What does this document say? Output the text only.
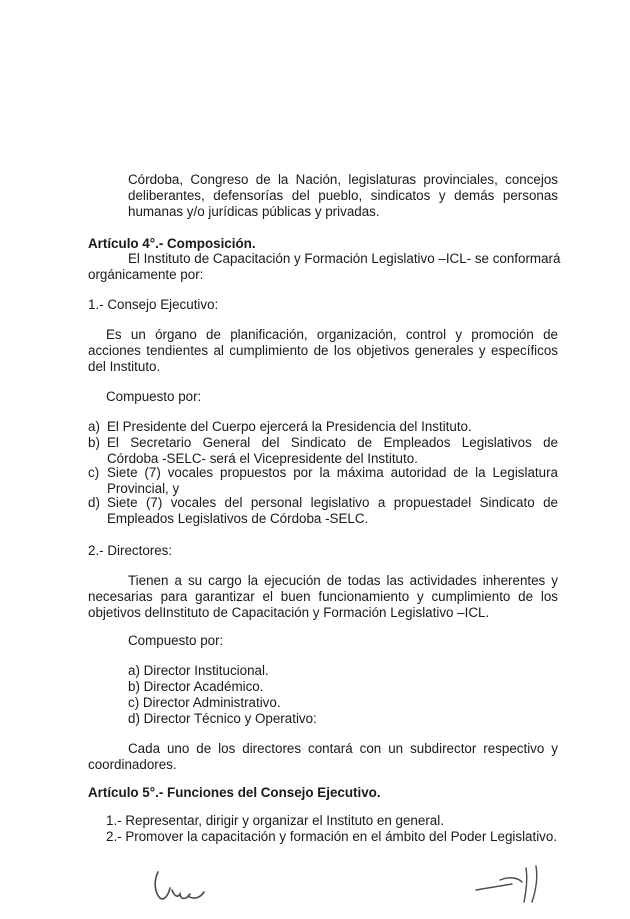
Córdoba, Congreso de la Nación, legislaturas provinciales, concejos

deliberantes, defensorías del pueblo, sindicatos y demás personas

humanas y/o jurídicas públicas y privadas.

Artículo 4°.- Composición.

El Instituto de Capacitación y Formación Legislativo –ICL- se conformará

orgánicamente por:

1.- Consejo Ejecutivo:

Es un órgano de planificación, organización, control y promoción de

acciones tendientes al cumplimiento de los objetivos generales y específicos

del Instituto.

Compuesto por:

a) El Presidente del Cuerpo ejercerá la Presidencia del Instituto.
b) El Secretario General del Sindicato de Empleados Legislativos de
Córdoba -SELC- será el Vicepresidente del Instituto.
c) Siete (7) vocales propuestos por la máxima autoridad de la Legislatura
Provincial, y
d) Siete (7) vocales del personal legislativo a propuestadel Sindicato de
Empleados Legislativos de Córdoba -SELC.

2.- Directores:

Tienen a su cargo la ejecución de todas las actividades inherentes y

necesarias para garantizar el buen funcionamiento y cumplimiento de los

objetivos delInstituto de Capacitación y Formación Legislativo –ICL.

Compuesto por:

a) Director Institucional.

b) Director Académico.

c) Director Administrativo.

d) Director Técnico y Operativo:

Cada uno de los directores contará con un subdirector respectivo y

coordinadores.

Artículo 5°.- Funciones del Consejo Ejecutivo.

1.- Representar, dirigir y organizar el Instituto en general.

2.- Promover la capacitación y formación en el ámbito del Poder Legislativo.
